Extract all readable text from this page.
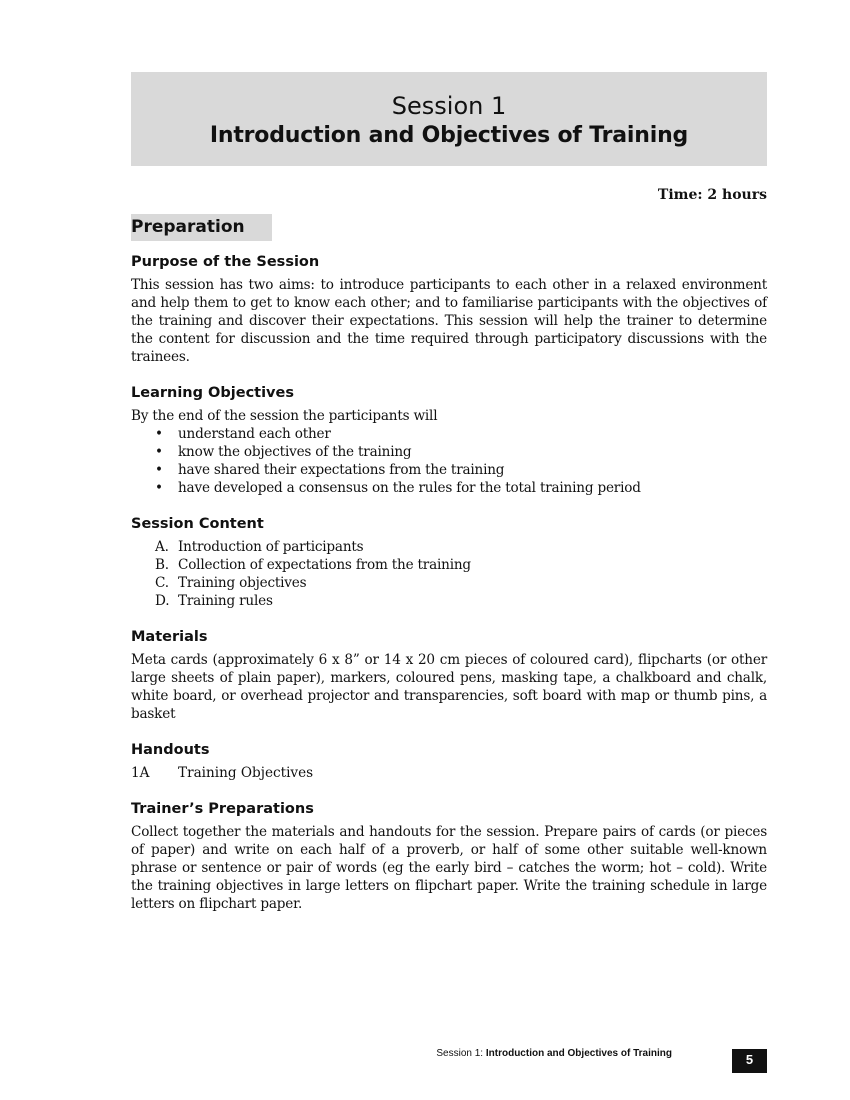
Session 1
Introduction and Objectives of Training
Time: 2 hours
Preparation
Purpose of the Session

This session has two aims: to introduce participants to each other in a relaxed environment and help them to get to know each other; and to familiarise participants with the objectives of the training and discover their expectations. This session will help the trainer to determine the content for discussion and the time required through participatory discussions with the trainees.

Learning Objectives

By the end of the session the participants will

• understand each other
• know the objectives of the training
• have shared their expectations from the training
• have developed a consensus on the rules for the total training period
Session Content
A. Introduction of participants
B. Collection of expectations from the training
C. Training objectives
D. Training rules
Materials

Meta cards (approximately 6 x 8” or 14 x 20 cm pieces of coloured card), flipcharts (or other large sheets of plain paper), markers, coloured pens, masking tape, a chalkboard and chalk, white board, or overhead projector and transparencies, soft board with map or thumb pins, a basket

Handouts
1A Training Objectives
Trainer’s Preparations

Collect together the materials and handouts for the session. Prepare pairs of cards (or pieces of paper) and write on each half of a proverb, or half of some other suitable well-known phrase or sentence or pair of words (eg the early bird – catches the worm; hot – cold). Write the training objectives in large letters on flipchart paper. Write the training schedule in large letters on flipchart paper.

Session 1: Introduction and Objectives of Training	5
